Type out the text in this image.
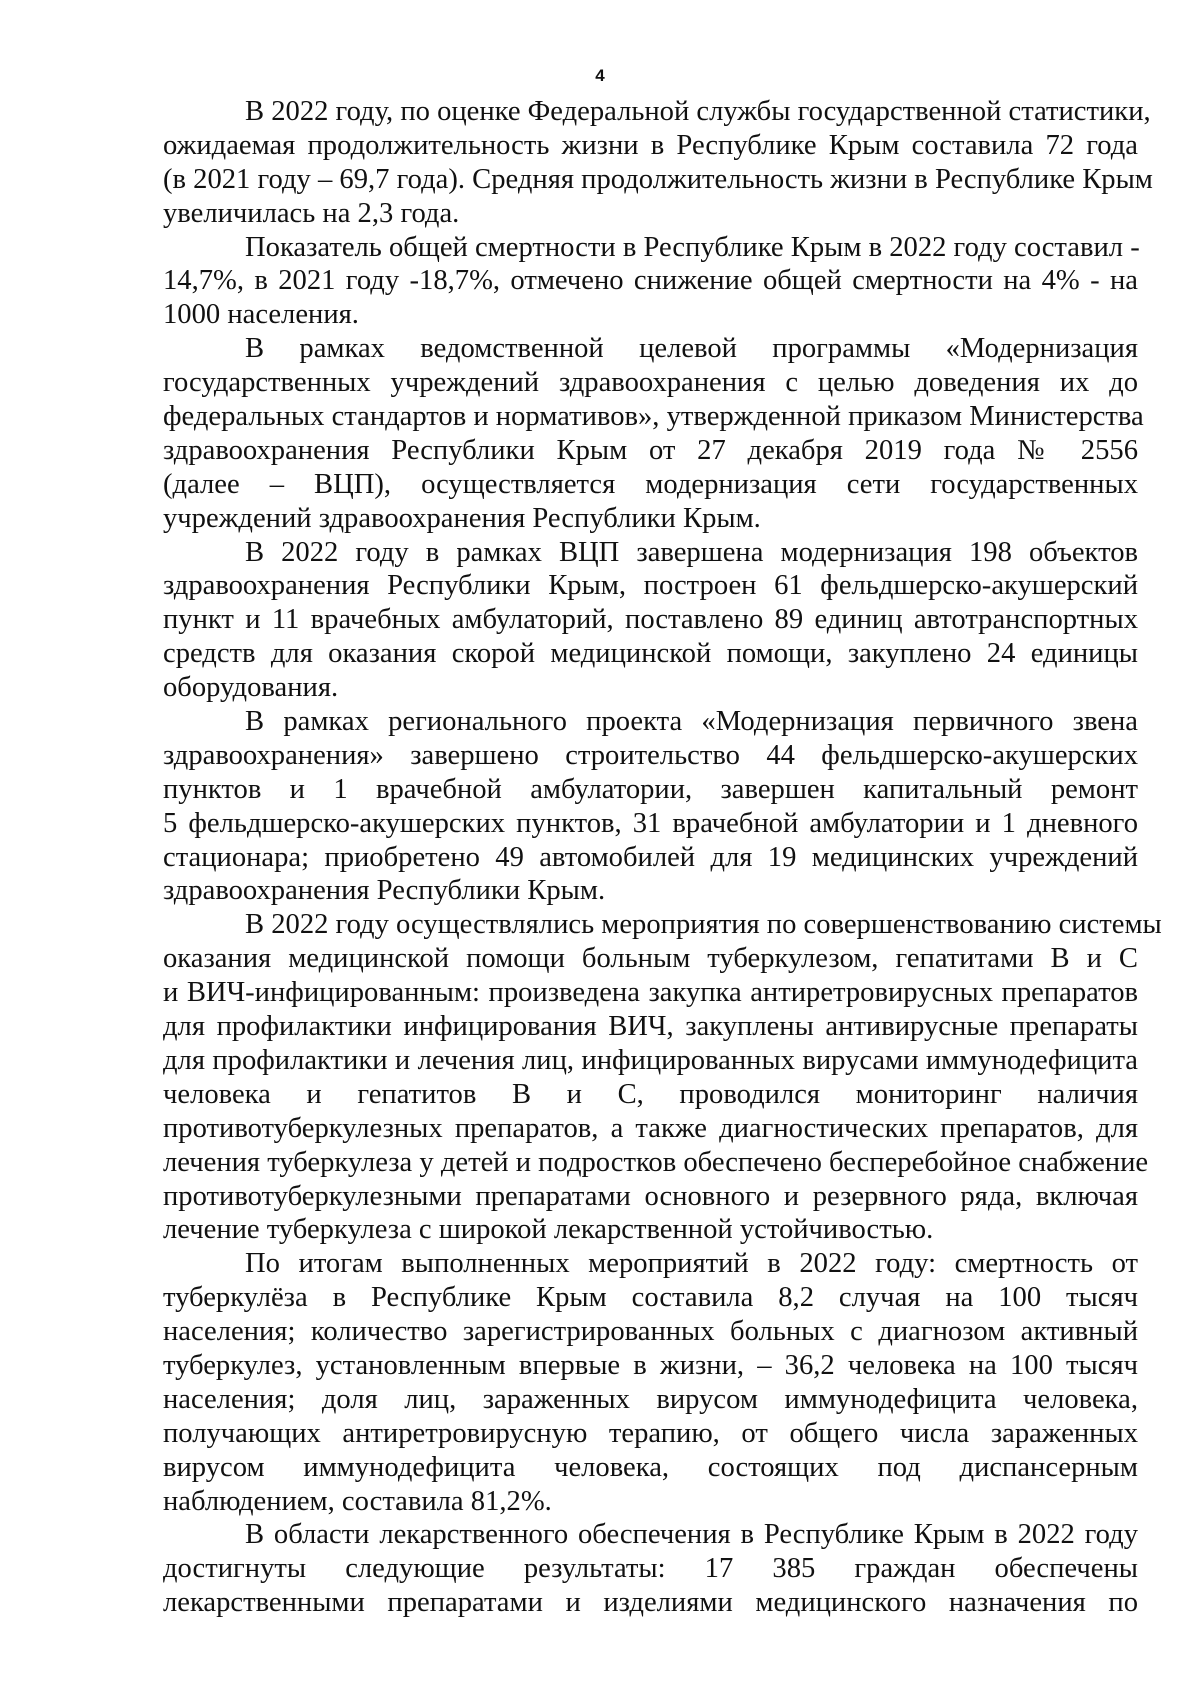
4

В 2022 году, по оценке Федеральной службы государственной статистики,
ожидаемая продолжительность жизни в Республике Крым составила 72 года
(в 2021 году – 69,7 года). Средняя продолжительность жизни в Республике Крым
увеличилась на 2,3 года.
Показатель общей смертности в Республике Крым в 2022 году составил -
14,7%, в 2021 году -18,7%, отмечено снижение общей смертности на 4% - на
1000 населения.
В рамках ведомственной целевой программы «Модернизация
государственных учреждений здравоохранения с целью доведения их до
федеральных стандартов и нормативов», утвержденной приказом Министерства
здравоохранения Республики Крым от 27 декабря 2019 года № 2556
(далее – ВЦП), осуществляется модернизация сети государственных
учреждений здравоохранения Республики Крым.
В 2022 году в рамках ВЦП завершена модернизация 198 объектов
здравоохранения Республики Крым, построен 61 фельдшерско-акушерский
пункт и 11 врачебных амбулаторий, поставлено 89 единиц автотранспортных
средств для оказания скорой медицинской помощи, закуплено 24 единицы
оборудования.
В рамках регионального проекта «Модернизация первичного звена
здравоохранения» завершено строительство 44 фельдшерско-акушерских
пунктов и 1 врачебной амбулатории, завершен капитальный ремонт
5 фельдшерско-акушерских пунктов, 31 врачебной амбулатории и 1 дневного
стационара; приобретено 49 автомобилей для 19 медицинских учреждений
здравоохранения Республики Крым.
В 2022 году осуществлялись мероприятия по совершенствованию системы
оказания медицинской помощи больным туберкулезом, гепатитами В и С
и ВИЧ-инфицированным: произведена закупка антиретровирусных препаратов
для профилактики инфицирования ВИЧ, закуплены антивирусные препараты
для профилактики и лечения лиц, инфицированных вирусами иммунодефицита
человека и гепатитов В и С, проводился мониторинг наличия
противотуберкулезных препаратов, а также диагностических препаратов, для
лечения туберкулеза у детей и подростков обеспечено бесперебойное снабжение
противотуберкулезными препаратами основного и резервного ряда, включая
лечение туберкулеза с широкой лекарственной устойчивостью.
По итогам выполненных мероприятий в 2022 году: смертность от
туберкулёза в Республике Крым составила 8,2 случая на 100 тысяч
населения; количество зарегистрированных больных с диагнозом активный
туберкулез, установленным впервые в жизни, – 36,2 человека на 100 тысяч
населения; доля лиц, зараженных вирусом иммунодефицита человека,
получающих антиретровирусную терапию, от общего числа зараженных
вирусом иммунодефицита человека, состоящих под диспансерным
наблюдением, составила 81,2%.
В области лекарственного обеспечения в Республике Крым в 2022 году
достигнуты следующие результаты: 17 385 граждан обеспечены
лекарственными препаратами и изделиями медицинского назначения по
